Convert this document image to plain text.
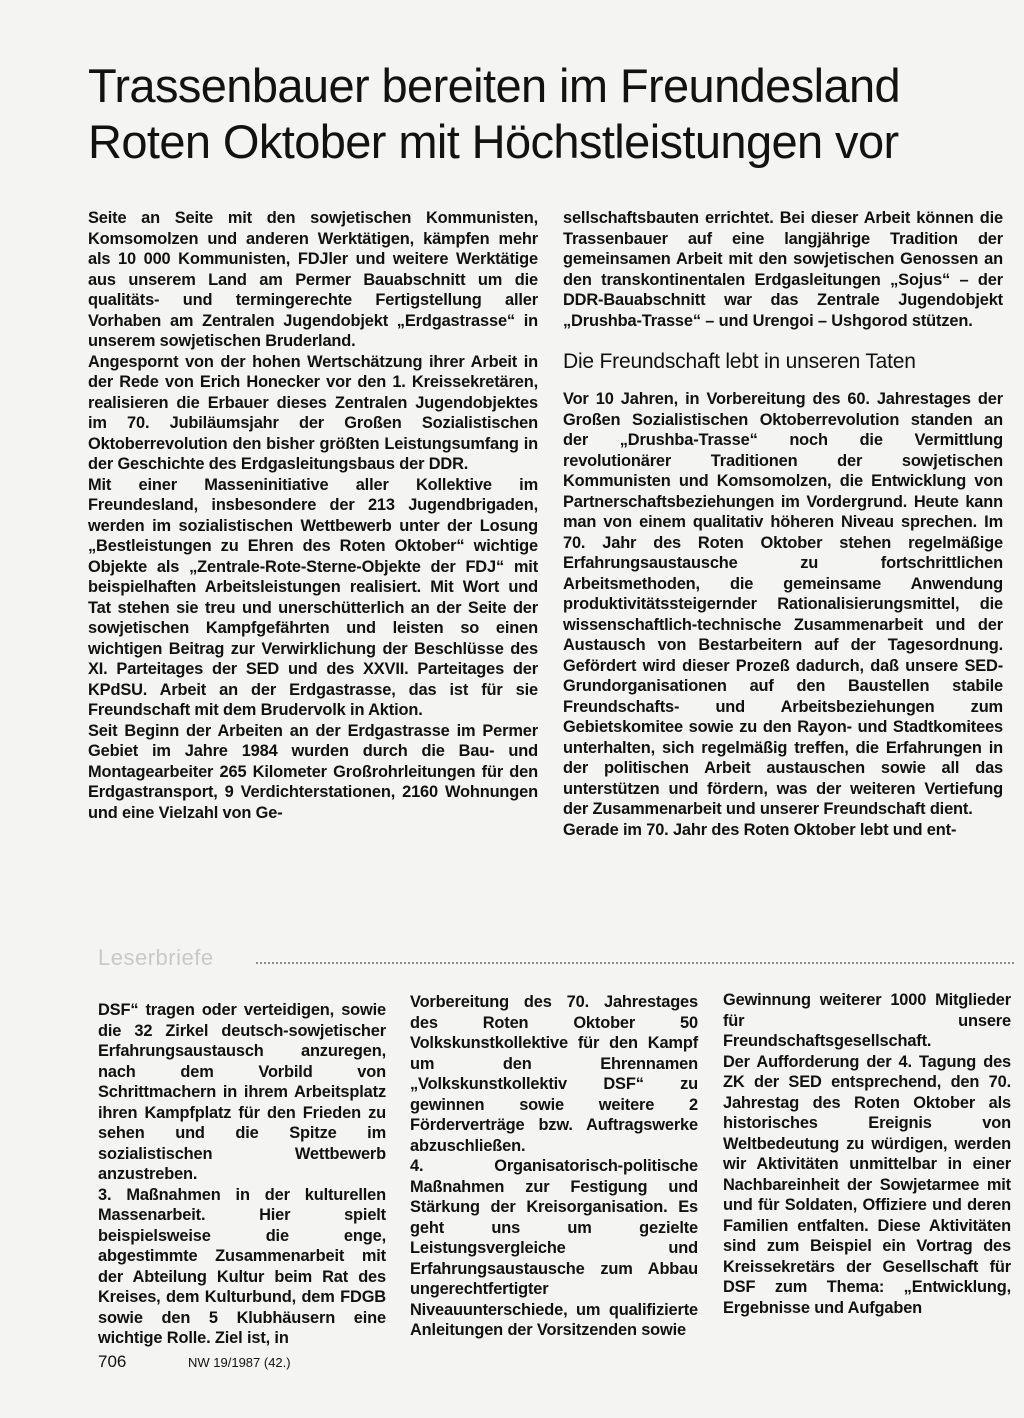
Trassenbauer bereiten im Freundesland
Roten Oktober mit Höchstleistungen vor

Seite an Seite mit den sowjetischen Kommunisten, Komsomolzen und anderen Werktätigen, kämpfen mehr als 10 000 Kommunisten, FDJler und weitere Werktätige aus unserem Land am Permer Bauabschnitt um die qualitäts- und termingerechte Fertigstellung aller Vorhaben am Zentralen Jugendobjekt „Erdgastrasse“ in unserem sowjetischen Bruderland.

Angespornt von der hohen Wertschätzung ihrer Arbeit in der Rede von Erich Honecker vor den 1. Kreissekretären, realisieren die Erbauer dieses Zentralen Jugendobjektes im 70. Jubiläumsjahr der Großen Sozialistischen Oktoberrevolution den bisher größten Leistungsumfang in der Geschichte des Erdgasleitungsbaus der DDR.

Mit einer Masseninitiative aller Kollektive im Freundesland, insbesondere der 213 Jugendbrigaden, werden im sozialistischen Wettbewerb unter der Losung „Bestleistungen zu Ehren des Roten Oktober“ wichtige Objekte als „Zentrale-Rote-Sterne-Objekte der FDJ“ mit beispielhaften Arbeitsleistungen realisiert. Mit Wort und Tat stehen sie treu und unerschütterlich an der Seite der sowjetischen Kampfgefährten und leisten so einen wichtigen Beitrag zur Verwirklichung der Beschlüsse des XI. Parteitages der SED und des XXVII. Parteitages der KPdSU. Arbeit an der Erdgastrasse, das ist für sie Freundschaft mit dem Brudervolk in Aktion.

Seit Beginn der Arbeiten an der Erdgastrasse im Permer Gebiet im Jahre 1984 wurden durch die Bau- und Montagearbeiter 265 Kilometer Großrohrleitungen für den Erdgastransport, 9 Verdichterstationen, 2160 Wohnungen und eine Vielzahl von Ge-

sellschaftsbauten errichtet. Bei dieser Arbeit können die Trassenbauer auf eine langjährige Tradition der gemeinsamen Arbeit mit den sowjetischen Genossen an den transkontinentalen Erdgasleitungen „Sojus“ – der DDR-Bauabschnitt war das Zentrale Jugendobjekt „Drushba-Trasse“ – und Urengoi – Ushgorod stützen.

Die Freundschaft lebt in unseren Taten

Vor 10 Jahren, in Vorbereitung des 60. Jahrestages der Großen Sozialistischen Oktoberrevolution standen an der „Drushba-Trasse“ noch die Vermittlung revolutionärer Traditionen der sowjetischen Kommunisten und Komsomolzen, die Entwicklung von Partnerschaftsbeziehungen im Vordergrund. Heute kann man von einem qualitativ höheren Niveau sprechen. Im 70. Jahr des Roten Oktober stehen regelmäßige Erfahrungsaustausche zu fortschrittlichen Arbeitsmethoden, die gemeinsame Anwendung produktivitätssteigernder Rationalisierungsmittel, die wissenschaftlich-technische Zusammenarbeit und der Austausch von Bestarbeitern auf der Tagesordnung. Gefördert wird dieser Prozeß dadurch, daß unsere SED-Grundorganisationen auf den Baustellen stabile Freundschafts- und Arbeitsbeziehungen zum Gebietskomitee sowie zu den Rayon- und Stadtkomitees unterhalten, sich regelmäßig treffen, die Erfahrungen in der politischen Arbeit austauschen sowie all das unterstützen und fördern, was der weiteren Vertiefung der Zusammenarbeit und unserer Freundschaft dient.

Gerade im 70. Jahr des Roten Oktober lebt und ent-

Leserbriefe

DSF“ tragen oder verteidigen, sowie die 32 Zirkel deutsch-sowjetischer Erfahrungsaustausch anzuregen, nach dem Vorbild von Schrittmachern in ihrem Arbeitsplatz ihren Kampfplatz für den Frieden zu sehen und die Spitze im sozialistischen Wettbewerb anzustreben.

3. Maßnahmen in der kulturellen Massenarbeit. Hier spielt beispielsweise die enge, abgestimmte Zusammenarbeit mit der Abteilung Kultur beim Rat des Kreises, dem Kulturbund, dem FDGB sowie den 5 Klubhäusern eine wichtige Rolle. Ziel ist, in

Vorbereitung des 70. Jahrestages des Roten Oktober 50 Volkskunstkollektive für den Kampf um den Ehrennamen „Volkskunstkollektiv DSF“ zu gewinnen sowie weitere 2 Förderverträge bzw. Auftragswerke abzuschließen.

4. Organisatorisch-politische Maßnahmen zur Festigung und Stärkung der Kreisorganisation. Es geht uns um gezielte Leistungsvergleiche und Erfahrungsaustausche zum Abbau ungerechtfertigter Niveauunterschiede, um qualifizierte Anleitungen der Vorsitzenden sowie

Gewinnung weiterer 1000 Mitglieder für unsere Freundschaftsgesellschaft.

Der Aufforderung der 4. Tagung des ZK der SED entsprechend, den 70. Jahrestag des Roten Oktober als historisches Ereignis von Weltbedeutung zu würdigen, werden wir Aktivitäten unmittelbar in einer Nachbareinheit der Sowjetarmee mit und für Soldaten, Offiziere und deren Familien entfalten. Diese Aktivitäten sind zum Beispiel ein Vortrag des Kreissekretärs der Gesellschaft für DSF zum Thema: „Entwicklung, Ergebnisse und Aufgaben

706	NW 19/1987 (42.)
